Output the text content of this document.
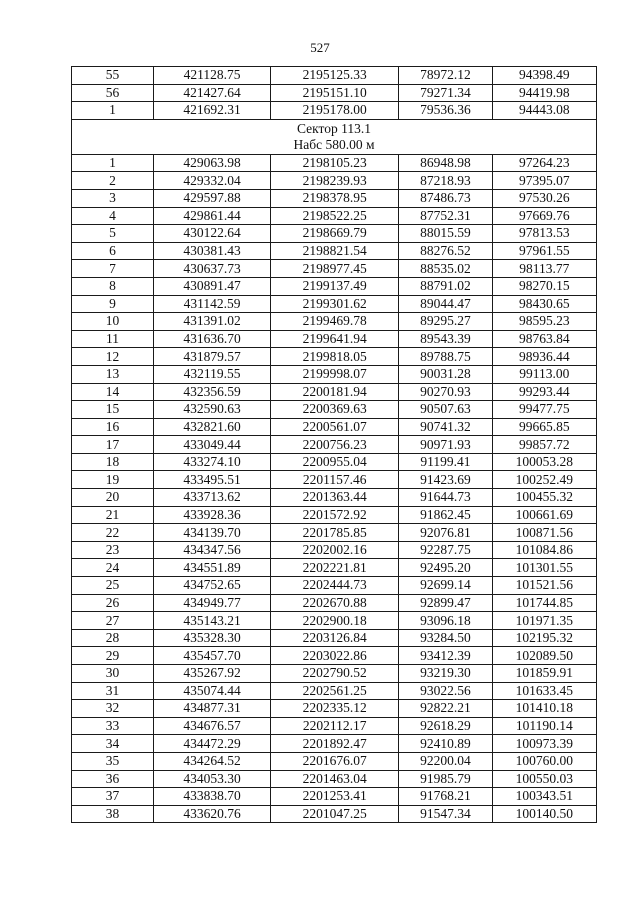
527
55	421128.75	2195125.33	78972.12	94398.49
56	421427.64	2195151.10	79271.34	94419.98
1	421692.31	2195178.00	79536.36	94443.08

Сектор 113.1
Набс 580.00 м				

1	429063.98	2198105.23	86948.98	97264.23
2	429332.04	2198239.93	87218.93	97395.07
3	429597.88	2198378.95	87486.73	97530.26
4	429861.44	2198522.25	87752.31	97669.76
5	430122.64	2198669.79	88015.59	97813.53
6	430381.43	2198821.54	88276.52	97961.55
7	430637.73	2198977.45	88535.02	98113.77
8	430891.47	2199137.49	88791.02	98270.15
9	431142.59	2199301.62	89044.47	98430.65
10	431391.02	2199469.78	89295.27	98595.23
11	431636.70	2199641.94	89543.39	98763.84
12	431879.57	2199818.05	89788.75	98936.44
13	432119.55	2199998.07	90031.28	99113.00
14	432356.59	2200181.94	90270.93	99293.44
15	432590.63	2200369.63	90507.63	99477.75
16	432821.60	2200561.07	90741.32	99665.85
17	433049.44	2200756.23	90971.93	99857.72
18	433274.10	2200955.04	91199.41	100053.28
19	433495.51	2201157.46	91423.69	100252.49
20	433713.62	2201363.44	91644.73	100455.32
21	433928.36	2201572.92	91862.45	100661.69
22	434139.70	2201785.85	92076.81	100871.56
23	434347.56	2202002.16	92287.75	101084.86
24	434551.89	2202221.81	92495.20	101301.55
25	434752.65	2202444.73	92699.14	101521.56
26	434949.77	2202670.88	92899.47	101744.85
27	435143.21	2202900.18	93096.18	101971.35
28	435328.30	2203126.84	93284.50	102195.32
29	435457.70	2203022.86	93412.39	102089.50
30	435267.92	2202790.52	93219.30	101859.91
31	435074.44	2202561.25	93022.56	101633.45
32	434877.31	2202335.12	92822.21	101410.18
33	434676.57	2202112.17	92618.29	101190.14
34	434472.29	2201892.47	92410.89	100973.39
35	434264.52	2201676.07	92200.04	100760.00
36	434053.30	2201463.04	91985.79	100550.03
37	433838.70	2201253.41	91768.21	100343.51
38	433620.76	2201047.25	91547.34	100140.50
